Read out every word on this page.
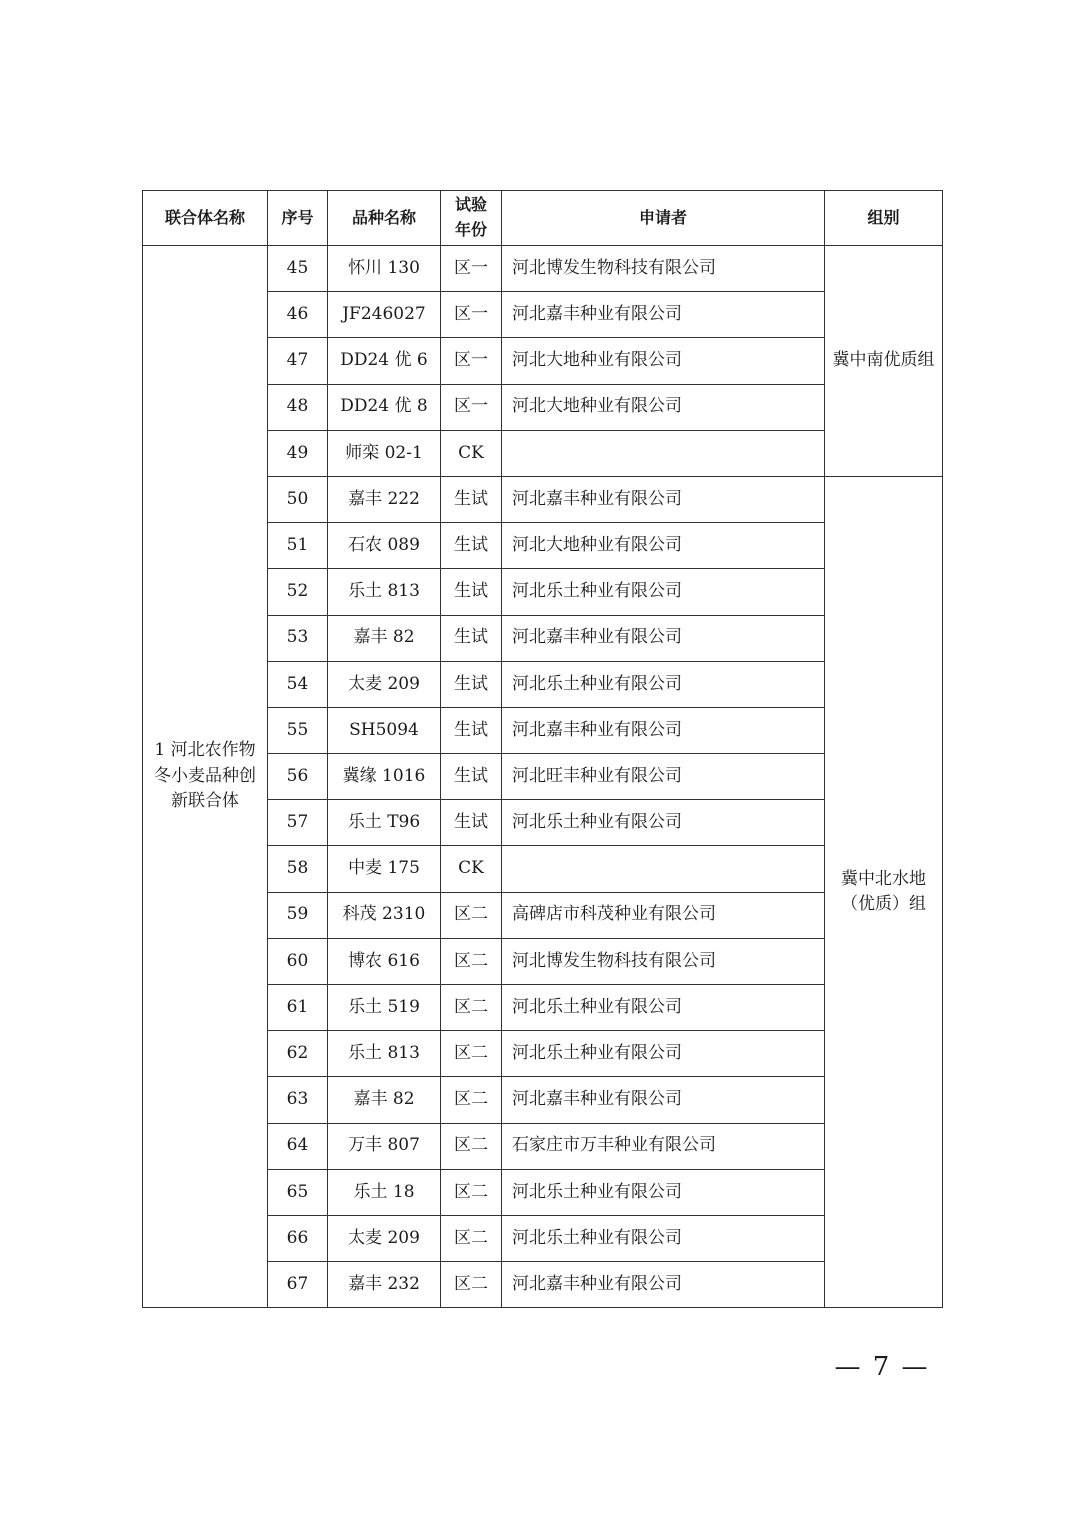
联合体名称	序号	品种名称	试验年份	申请者	组别
1 河北农作物冬小麦品种创新联合体	45	怀川 130	区一	河北博发生物科技有限公司	冀中南优质组
	46	JF246027	区一	河北嘉丰种业有限公司	
	47	DD24 优 6	区一	河北大地种业有限公司	
	48	DD24 优 8	区一	河北大地种业有限公司	
	49	师栾 02-1	CK		
	50	嘉丰 222	生试	河北嘉丰种业有限公司	冀中北水地（优质）组
	51	石农 089	生试	河北大地种业有限公司	
	52	乐土 813	生试	河北乐土种业有限公司	
	53	嘉丰 82	生试	河北嘉丰种业有限公司	
	54	太麦 209	生试	河北乐土种业有限公司	
	55	SH5094	生试	河北嘉丰种业有限公司	
	56	冀缘 1016	生试	河北旺丰种业有限公司	
	57	乐土 T96	生试	河北乐土种业有限公司	
	58	中麦 175	CK		
	59	科茂 2310	区二	高碑店市科茂种业有限公司	
	60	博农 616	区二	河北博发生物科技有限公司	
	61	乐土 519	区二	河北乐土种业有限公司	
	62	乐土 813	区二	河北乐土种业有限公司	
	63	嘉丰 82	区二	河北嘉丰种业有限公司	
	64	万丰 807	区二	石家庄市万丰种业有限公司	
	65	乐土 18	区二	河北乐土种业有限公司	
	66	太麦 209	区二	河北乐土种业有限公司	
	67	嘉丰 232	区二	河北嘉丰种业有限公司	
— 7 —
